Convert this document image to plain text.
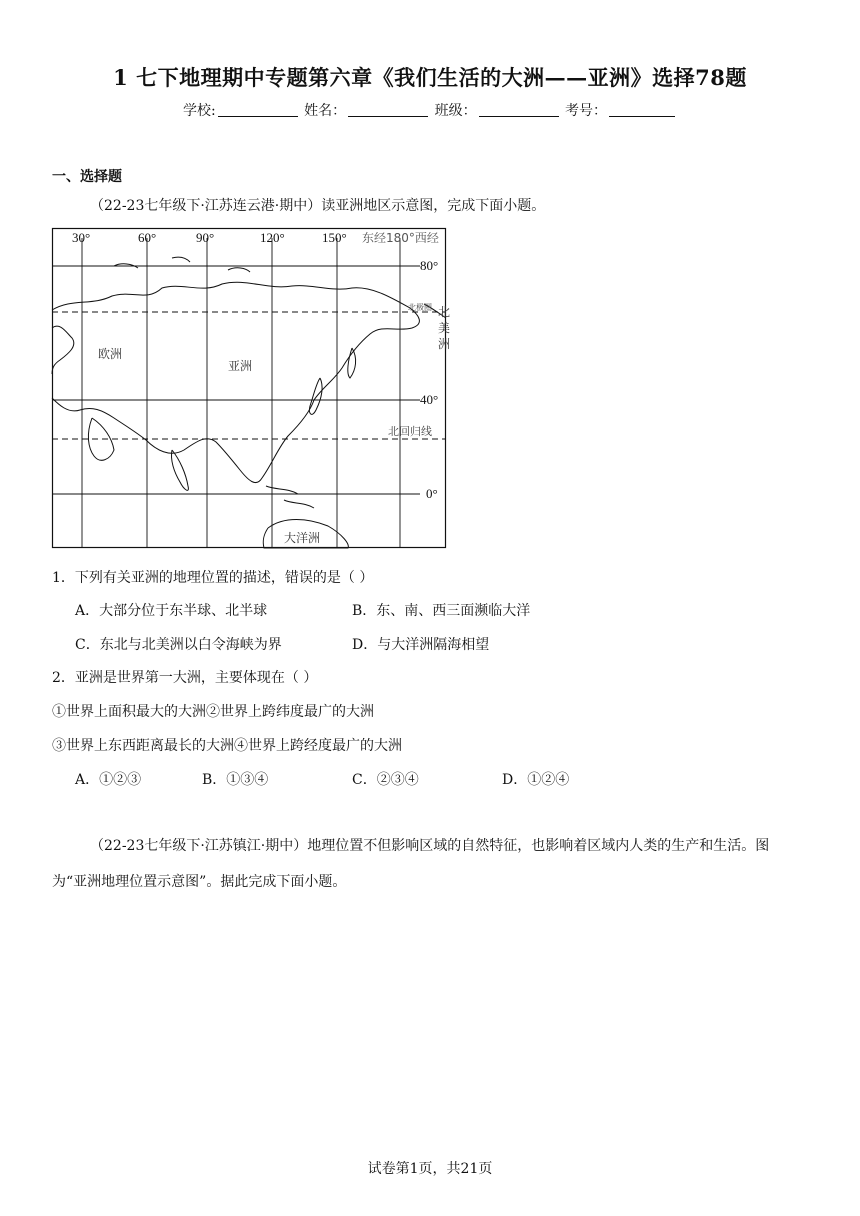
1 七下地理期中专题第六章《我们生活的大洲——亚洲》选择78题
学校:	姓名：	班级：	考号：
一、选择题
（22-23七年级下·江苏连云港·期中）读亚洲地区示意图，完成下面小题。
30°	60°	90°	120°	150° 东经180°西经
80°
40°
0°
北极圈
北回归线
欧洲
亚洲
大洋洲
北
美
洲
1．下列有关亚洲的地理位置的描述，错误的是（ ）
A．大部分位于东半球、北半球	B．东、南、西三面濒临大洋
C．东北与北美洲以白令海峡为界	D．与大洋洲隔海相望
2．亚洲是世界第一大洲，主要体现在（ ）
①世界上面积最大的大洲②世界上跨纬度最广的大洲
③世界上东西距离最长的大洲④世界上跨经度最广的大洲
A．①②③	B．①③④	C．②③④	D．①②④
（22-23七年级下·江苏镇江·期中）地理位置不但影响区域的自然特征，也影响着区域内人类的生产和生活。图
为“亚洲地理位置示意图”。据此完成下面小题。
试卷第1页，共21页
